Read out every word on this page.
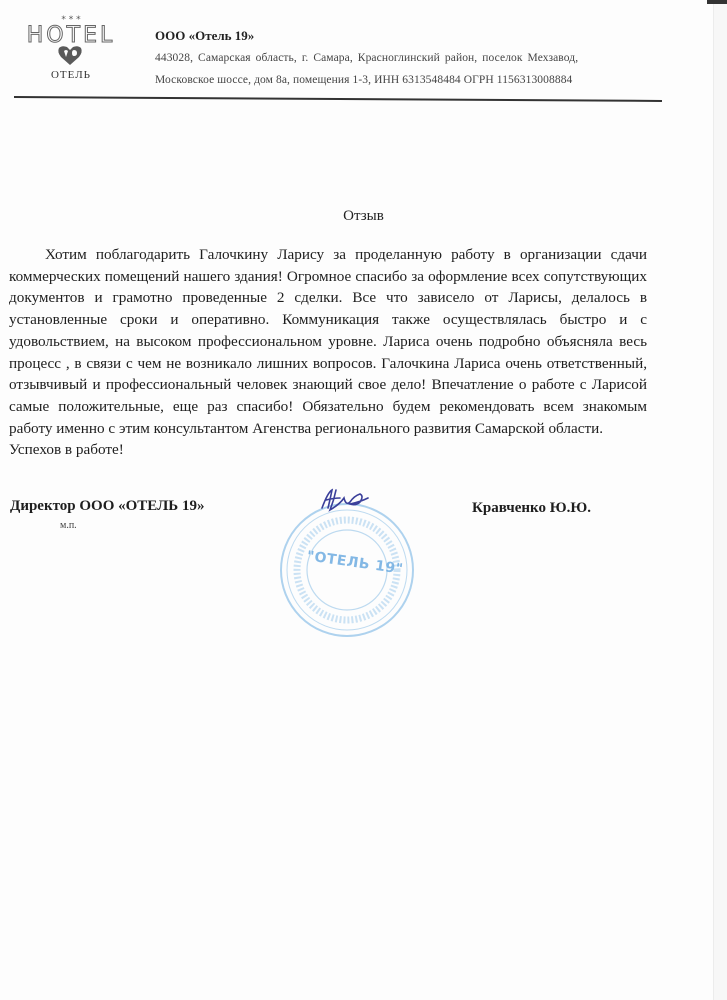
* * *
HOTEL
ОТЕЛЬ
ООО «Отель 19»
443028, Самарская область, г. Самара, Красноглинский район, поселок Мехзавод,
Московское шоссе, дом 8а, помещения 1-3, ИНН 6313548484 ОГРН 1156313008884
Отзыв

Хотим поблагодарить Галочкину Ларису за проделанную работу в организации сдачи коммерческих помещений нашего здания! Огромное спасибо за оформление всех сопутствующих документов и грамотно проведенные 2 сделки. Все что зависело от Ларисы, делалось в установленные сроки и оперативно. Коммуникация также осуществлялась быстро и с удовольствием, на высоком профессиональном уровне. Лариса очень подробно объясняла весь процесс , в связи с чем не возникало лишних вопросов. Галочкина Лариса очень ответственный, отзывчивый и профессиональный человек знающий свое дело! Впечатление о работе с Ларисой самые положительные, еще раз спасибо! Обязательно будем рекомендовать всем знакомым работу именно с этим консультантом Агенства регионального развития Самарской области.

Успехов в работе!

Директор ООО «ОТЕЛЬ 19»
м.п.
Кравченко Ю.Ю.
"ОТЕЛЬ 19"
